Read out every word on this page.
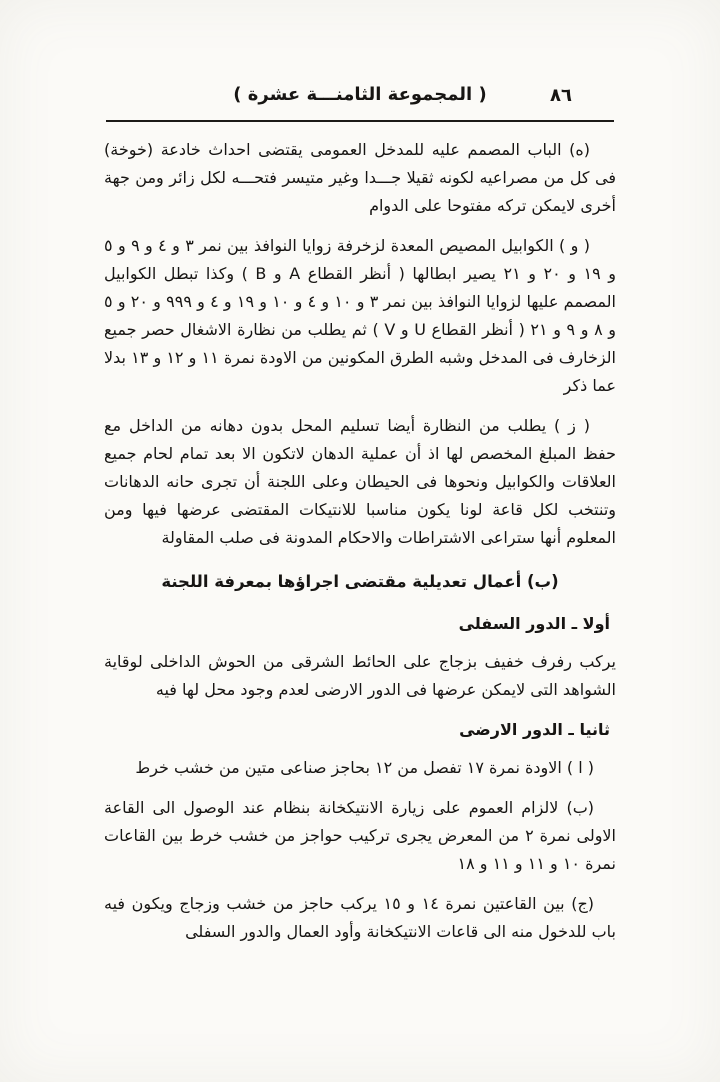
٨٦
( المجموعة الثامنـــة عشرة )

(ه) الباب المصمم عليه للمدخل العمومى يقتضى احداث خادعة (خوخة) فى كل من مصراعيه لكونه ثقيلا جـــدا وغير متيسر فتحـــه لكل زائر ومن جهة أخرى لايمكن تركه مفتوحا على الدوام

( و ) الكوابيل المصيص المعدة لزخرفة زوايا النوافذ بين نمر ٣ و ٤ و ٩ و ٥ و ١٩ و ٢٠ و ٢١ يصير ابطالها ( أنظر القطاع A و B ) وكذا تبطل الكوابيل المصمم عليها لزوايا النوافذ بين نمر ٣ و ١٠ و ٤ و ١٠ و ١٩ و ٤ و ٩٩٩ و ٢٠ و ٥ و ٨ و ٩ و ٢١ ( أنظر القطاع U و V ) ثم يطلب من نظارة الاشغال حصر جميع الزخارف فى المدخل وشبه الطرق المكونين من الاودة نمرة ١١ و ١٢ و ١٣ بدلا عما ذكر

( ز ) يطلب من النظارة أيضا تسليم المحل بدون دهانه من الداخل مع حفظ المبلغ المخصص لها اذ أن عملية الدهان لاتكون الا بعد تمام لحام جميع العلاقات والكوابيل ونحوها فى الحيطان وعلى اللجنة أن تجرى حانه الدهانات وتنتخب لكل قاعة لونا يكون مناسبا للانتيكات المقتضى عرضها فيها ومن المعلوم أنها ستراعى الاشتراطات والاحكام المدونة فى صلب المقاولة

(ب) أعمال تعديلية مقتضى اجراؤها بمعرفة اللجنة
أولا ـ الدور السفلى

يركب رفرف خفيف بزجاج على الحائط الشرقى من الحوش الداخلى لوقاية الشواهد التى لايمكن عرضها فى الدور الارضى لعدم وجود محل لها فيه

ثانيا ـ الدور الارضى

( ا ) الاودة نمرة ١٧ تفصل من ١٢ بحاجز صناعى متين من خشب خرط

(ب) لالزام العموم على زيارة الانتيكخانة بنظام عند الوصول الى القاعة الاولى نمرة ٢ من المعرض يجرى تركيب حواجز من خشب خرط بين القاعات نمرة ١٠ و ١١ و ١١ و ١٨

(ج) بين القاعتين نمرة ١٤ و ١٥ يركب حاجز من خشب وزجاج ويكون فيه باب للدخول منه الى قاعات الانتيكخانة وأود العمال والدور السفلى
